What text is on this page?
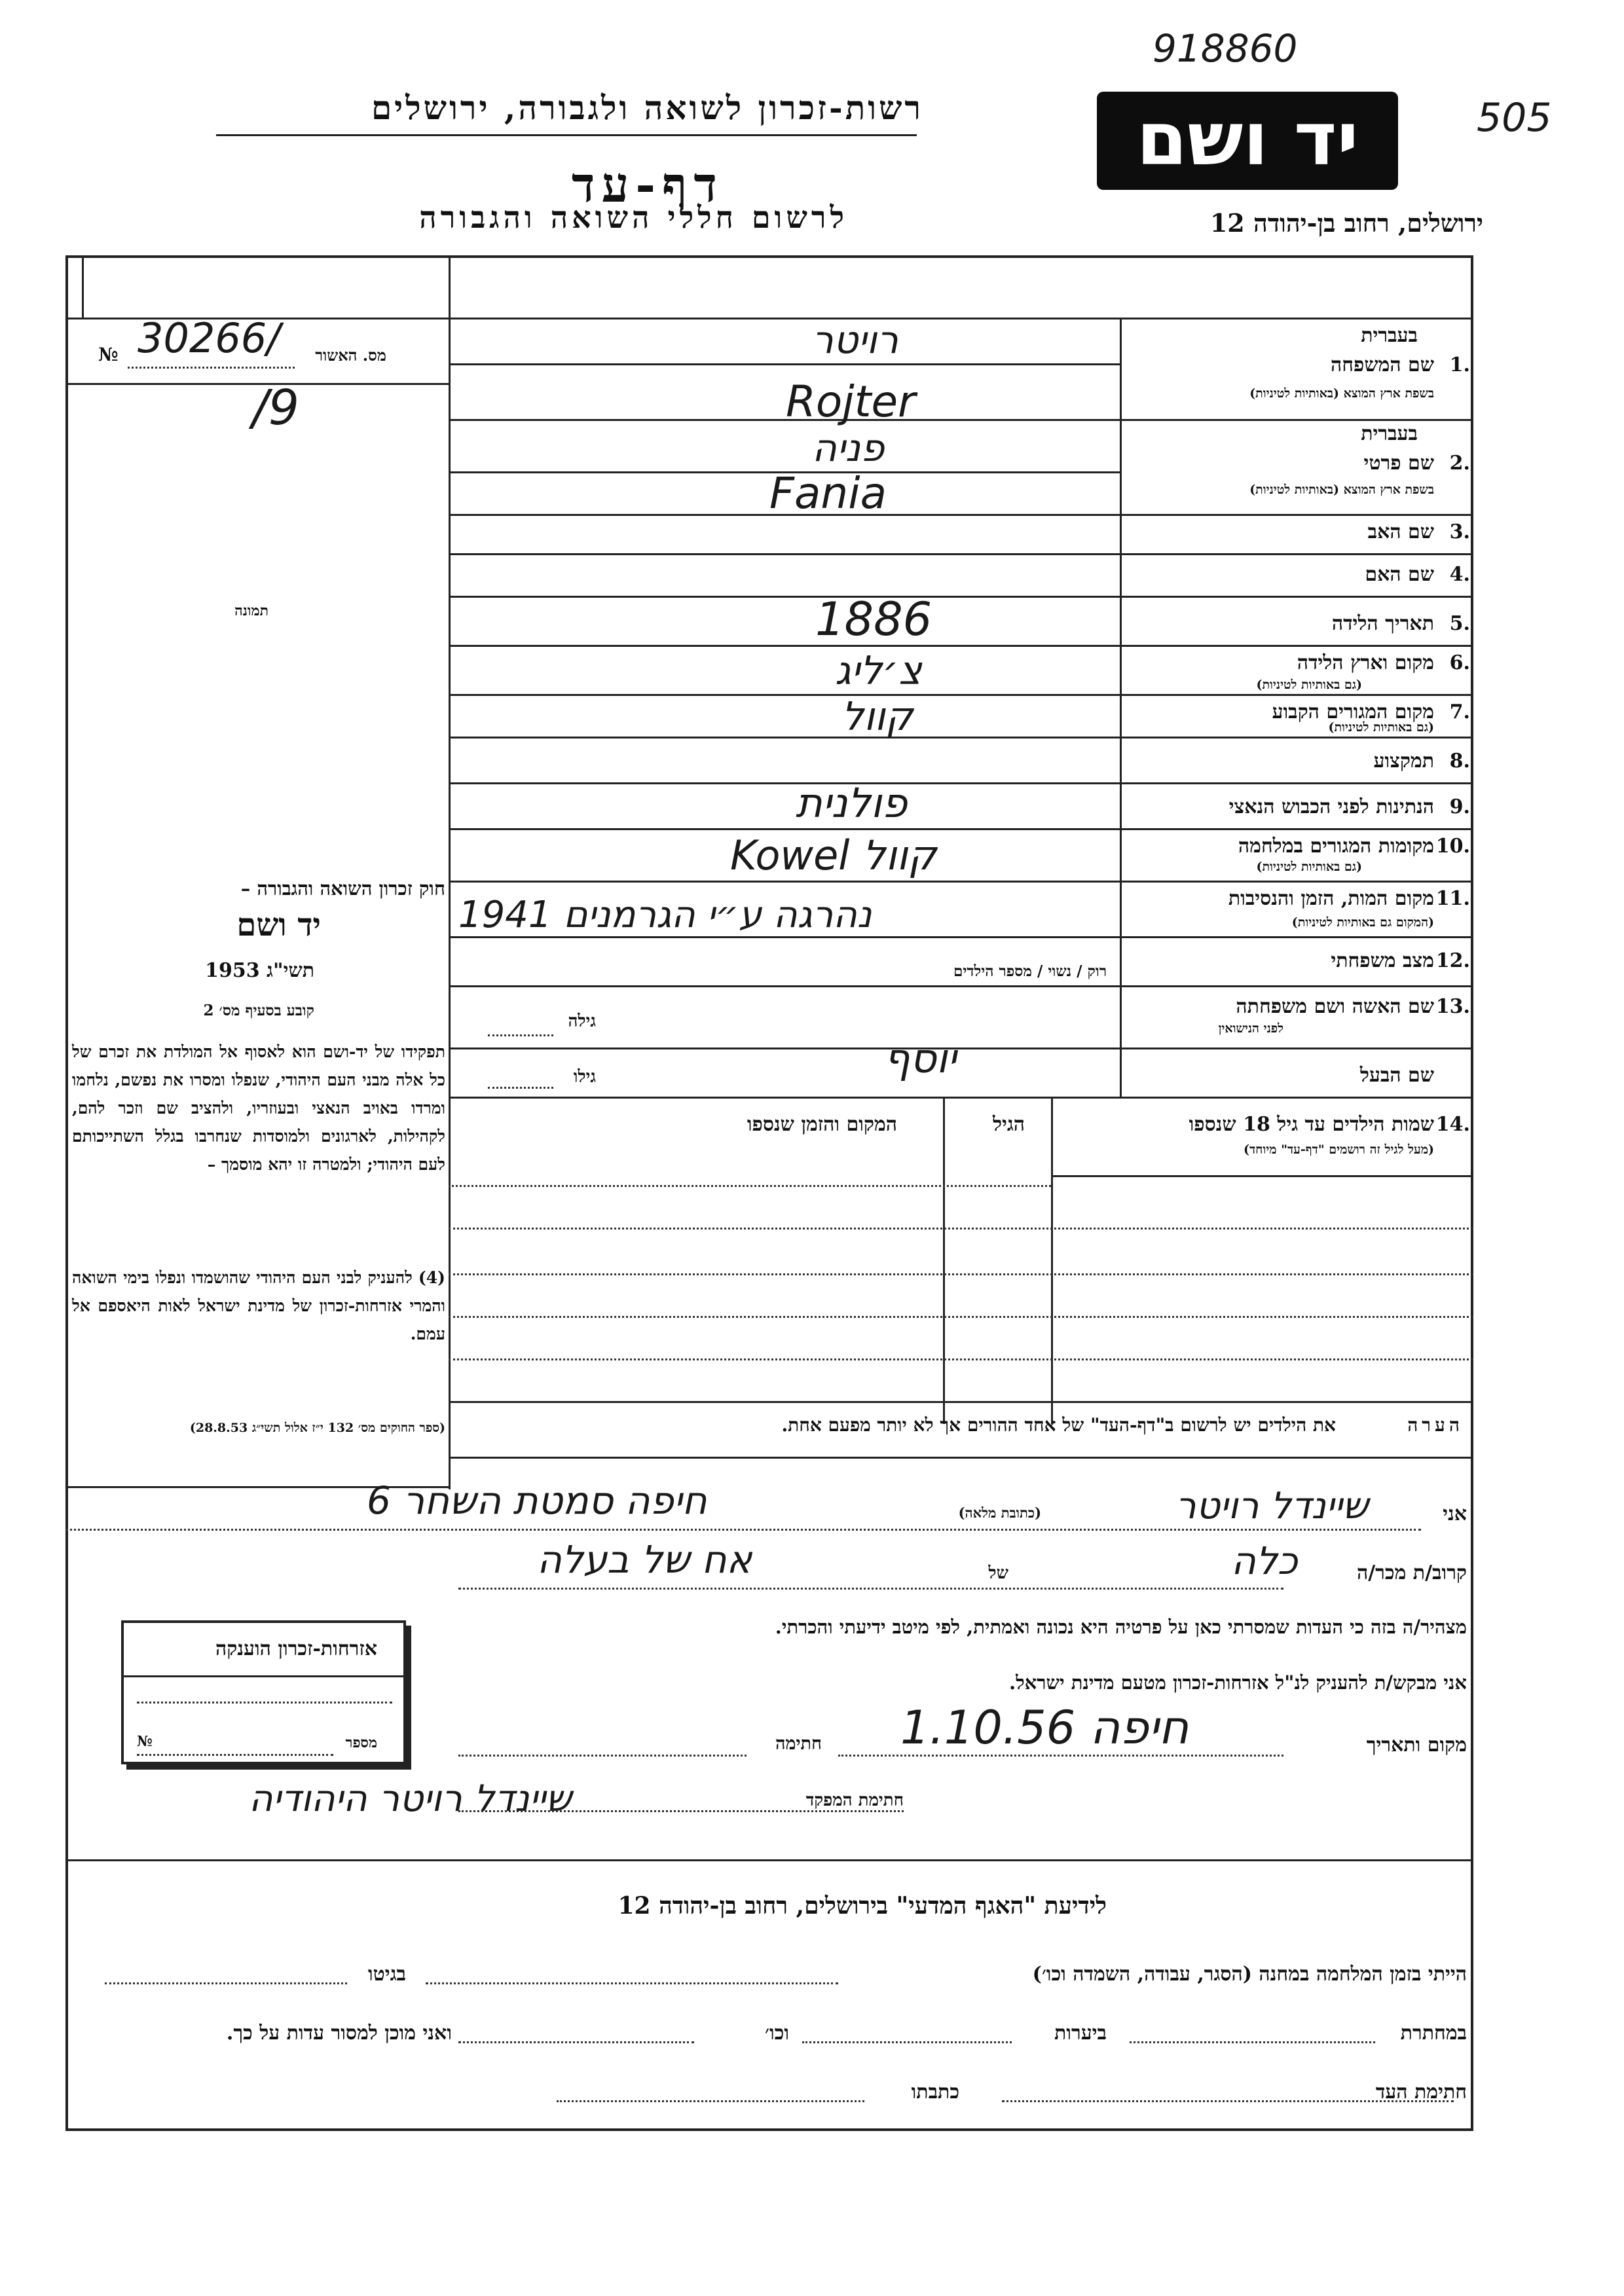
918860
505
רשות-זכרון לשואה ולגבורה, ירושלים
דף-עד
לרשום חללי השואה והגבורה
יד ושם
ירושלים, רחוב בן-יהודה 12
№ 30266/ מס. האשור
/9
תמונה
חוק זכרון השואה והגבורה –
יד ושם
תשי"ג 1953
קובע בסעיף מס׳ 2
תפקידו של יד-ושם הוא לאסוף אל המולדת את זכרם של כל אלה מבני העם היהודי, שנפלו ומסרו את נפשם, נלחמו ומרדו באויב הנאצי ובעוזריו, ולהציב שם וזכר להם, לקהילות, לארגונים ולמוסדות שנחרבו בגלל השתייכותם לעם היהודי; ולמטרה זו יהא מוסמך –
(4) להעניק לבני העם היהודי שהושמדו ונפלו בימי השואה והמרי אזרחות-זכרון של מדינת ישראל לאות היאספם אל עמם.
(ספר החוקים מס׳ 132 י״ז אלול תשי״ג 28.8.53)
בעברית
1.
שם המשפחה
בשפת ארץ המוצא (באותיות לטיניות)
בעברית
2.
שם פרטי
בשפת ארץ המוצא (באותיות לטיניות)
3.
שם האב
4.
שם האם
5.
תאריך הלידה
6.
מקום וארץ הלידה
(גם באותיות לטיניות)
7.
מקום המגורים הקבוע
(גם באותיות לטיניות)
8.
תמקצוע
9.
הנתינות לפני הכבוש הנאצי
10.
מקומות המגורים במלחמה
(גם באותיות לטיניות)
11.
מקום המות, הזמן והנסיבות
(המקום גם באותיות לטיניות)
12.
מצב משפחתי
רוק / נשוי / מספר הילדים
13.
שם האשה ושם משפחתה
לפני הנישואין
גילה
שם הבעל
גילו
רויטר
Rojter
פניה
Fania
1886
צ׳ליג
קוול
פולנית
Kowel קוול
נהרגה ע״י הגרמנים 1941
יוסף
14.
שמות הילדים עד גיל 18 שנספו
(מעל לגיל זה רושמים "דף-עד" מיוחד)
הגיל
המקום והזמן שנספו
הערה
את הילדים יש לרשום ב"דף-העד" של אחד ההורים אך לא יותר מפעם אחת.
אני
שיינדל רויטר
(כתובת מלאה)
חיפה סמטת השחר 6
קרוב/ת מכר/ה
כלה
של
אח של בעלה
מצהיר/ה בזה כי העדות שמסרתי כאן על פרטיה היא נכונה ואמתית, לפי מיטב ידיעתי והכרתי.
אני מבקש/ת להעניק לנ"ל אזרחות-זכרון מטעם מדינת ישראל.
מקום ותאריך
חיפה 1.10.56
חתימה
חתימת המפקד
שיינדל רויטר היהודיה
אזרחות-זכרון הוענקה
מספר
№
לידיעת "האגף המדעי" בירושלים, רחוב בן-יהודה 12
הייתי בזמן המלחמה במחנה (הסגר, עבודה, השמדה וכו׳)
בגיטו
במחתרת
ביערות
וכו׳
ואני מוכן למסור עדות על כך.
חתימת העד
כתבתו
